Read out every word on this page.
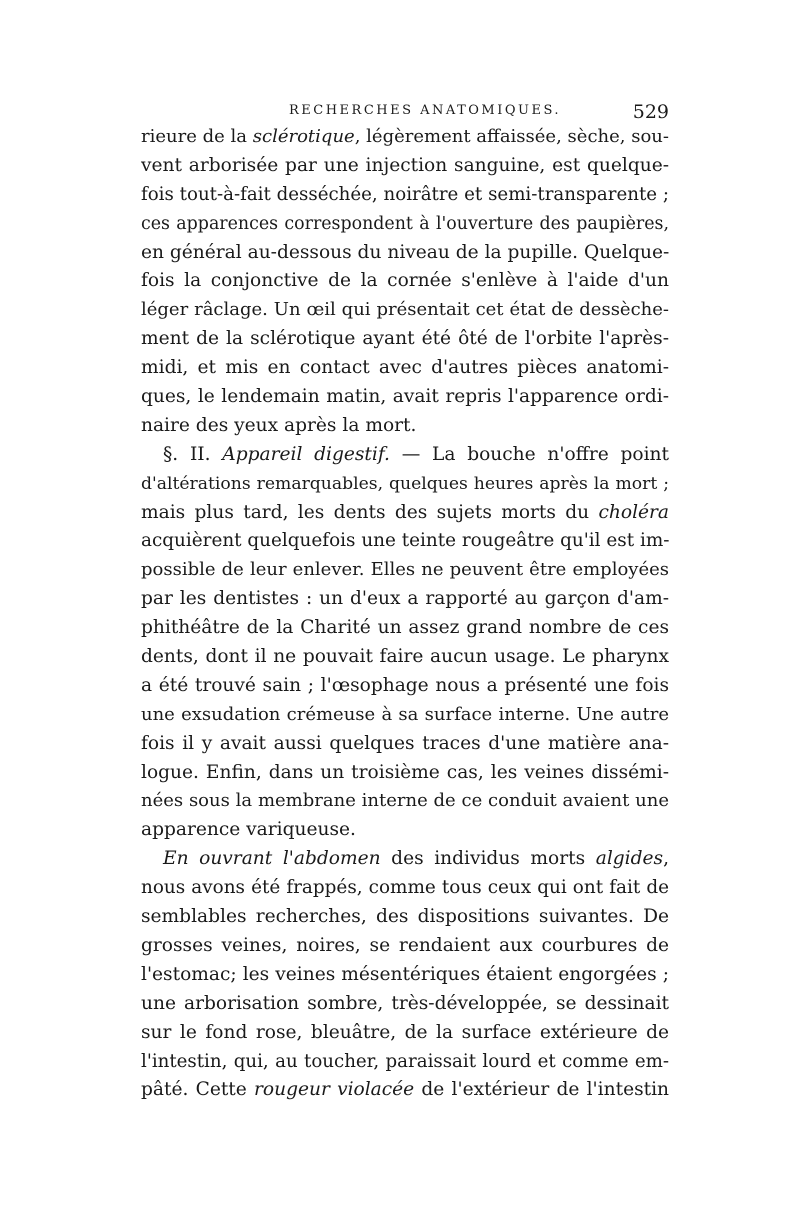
RECHERCHES ANATOMIQUES.	529
rieure de la sclérotique, légèrement affaissée, sèche, sou-
vent arborisée par une injection sanguine, est quelque-
fois tout-à-fait desséchée, noirâtre et semi-transparente ;
ces apparences correspondent à l'ouverture des paupières,
en général au-dessous du niveau de la pupille. Quelque-
fois la conjonctive de la cornée s'enlève à l'aide d'un
léger râclage. Un œil qui présentait cet état de dessèche-
ment de la sclérotique ayant été ôté de l'orbite l'après-
midi, et mis en contact avec d'autres pièces anatomi-
ques, le lendemain matin, avait repris l'apparence ordi-
naire des yeux après la mort.
§. II. Appareil digestif. — La bouche n'offre point
d'altérations remarquables, quelques heures après la mort ;
mais plus tard, les dents des sujets morts du choléra
acquièrent quelquefois une teinte rougeâtre qu'il est im-
possible de leur enlever. Elles ne peuvent être employées
par les dentistes : un d'eux a rapporté au garçon d'am-
phithéâtre de la Charité un assez grand nombre de ces
dents, dont il ne pouvait faire aucun usage. Le pharynx
a été trouvé sain ; l'œsophage nous a présenté une fois
une exsudation crémeuse à sa surface interne. Une autre
fois il y avait aussi quelques traces d'une matière ana-
logue. Enfin, dans un troisième cas, les veines dissémi-
nées sous la membrane interne de ce conduit avaient une
apparence variqueuse.
En ouvrant l'abdomen des individus morts algides,
nous avons été frappés, comme tous ceux qui ont fait de
semblables recherches, des dispositions suivantes. De
grosses veines, noires, se rendaient aux courbures de
l'estomac; les veines mésentériques étaient engorgées ;
une arborisation sombre, très-développée, se dessinait
sur le fond rose, bleuâtre, de la surface extérieure de
l'intestin, qui, au toucher, paraissait lourd et comme em-
pâté. Cette rougeur violacée de l'extérieur de l'intestin
